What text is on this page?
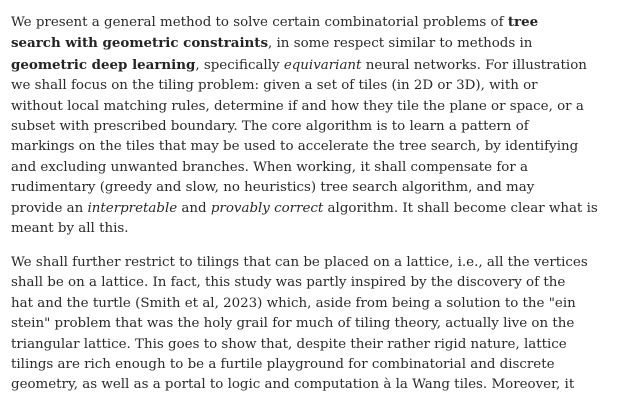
We present a general method to solve certain combinatorial problems of tree
search with geometric constraints, in some respect similar to methods in
geometric deep learning, specifically equivariant neural networks. For illustration
we shall focus on the tiling problem: given a set of tiles (in 2D or 3D), with or
without local matching rules, determine if and how they tile the plane or space, or a
subset with prescribed boundary. The core algorithm is to learn a pattern of
markings on the tiles that may be used to accelerate the tree search, by identifying
and excluding unwanted branches. When working, it shall compensate for a
rudimentary (greedy and slow, no heuristics) tree search algorithm, and may
provide an interpretable and provably correct algorithm. It shall become clear what is
meant by all this.

We shall further restrict to tilings that can be placed on a lattice, i.e., all the vertices
shall be on a lattice. In fact, this study was partly inspired by the discovery of the
hat and the turtle (Smith et al, 2023) which, aside from being a solution to the "ein
stein" problem that was the holy grail for much of tiling theory, actually live on the
triangular lattice. This goes to show that, despite their rather rigid nature, lattice
tilings are rich enough to be a furtile playground for combinatorial and discrete
geometry, as well as a portal to logic and computation à la Wang tiles. Moreover, it
